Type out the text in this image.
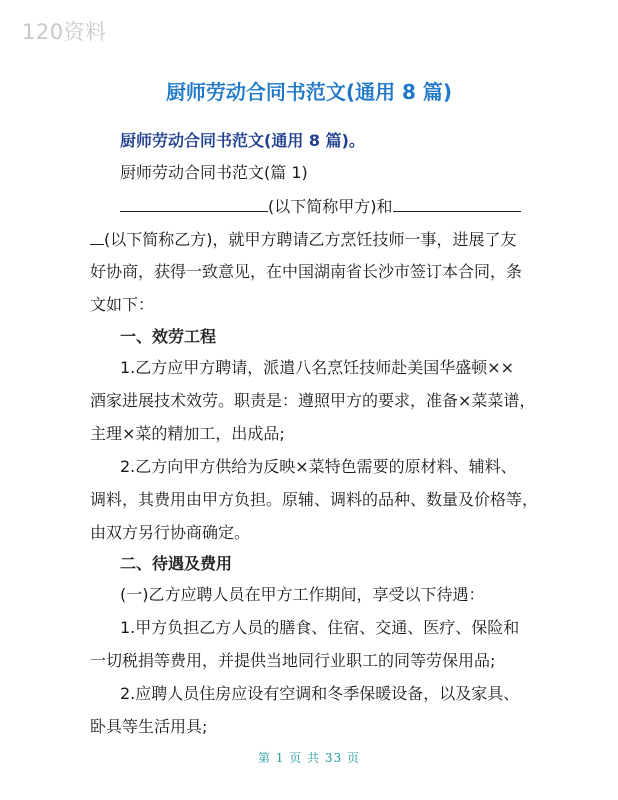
120资料
厨师劳动合同书范文(通用 8 篇)
厨师劳动合同书范文(通用 8 篇)。
厨师劳动合同书范文(篇 1)
(以下简称甲方)和
(以下简称乙方)，就甲方聘请乙方烹饪技师一事，进展了友
好协商，获得一致意见，在中国湖南省长沙市签订本合同，条
文如下：
一、效劳工程
1.乙方应甲方聘请，派遣八名烹饪技师赴美国华盛顿××
酒家进展技术效劳。职责是：遵照甲方的要求，准备×菜菜谱，
主理×菜的精加工，出成品;
2.乙方向甲方供给为反映×菜特色需要的原材料、辅料、
调料，其费用由甲方负担。原辅、调料的品种、数量及价格等，
由双方另行协商确定。
二、待遇及费用
(一)乙方应聘人员在甲方工作期间，享受以下待遇：
1.甲方负担乙方人员的膳食、住宿、交通、医疗、保险和
一切税捐等费用，并提供当地同行业职工的同等劳保用品;
2.应聘人员住房应设有空调和冬季保暖设备，以及家具、
卧具等生活用具;
第 1 页 共 33 页
